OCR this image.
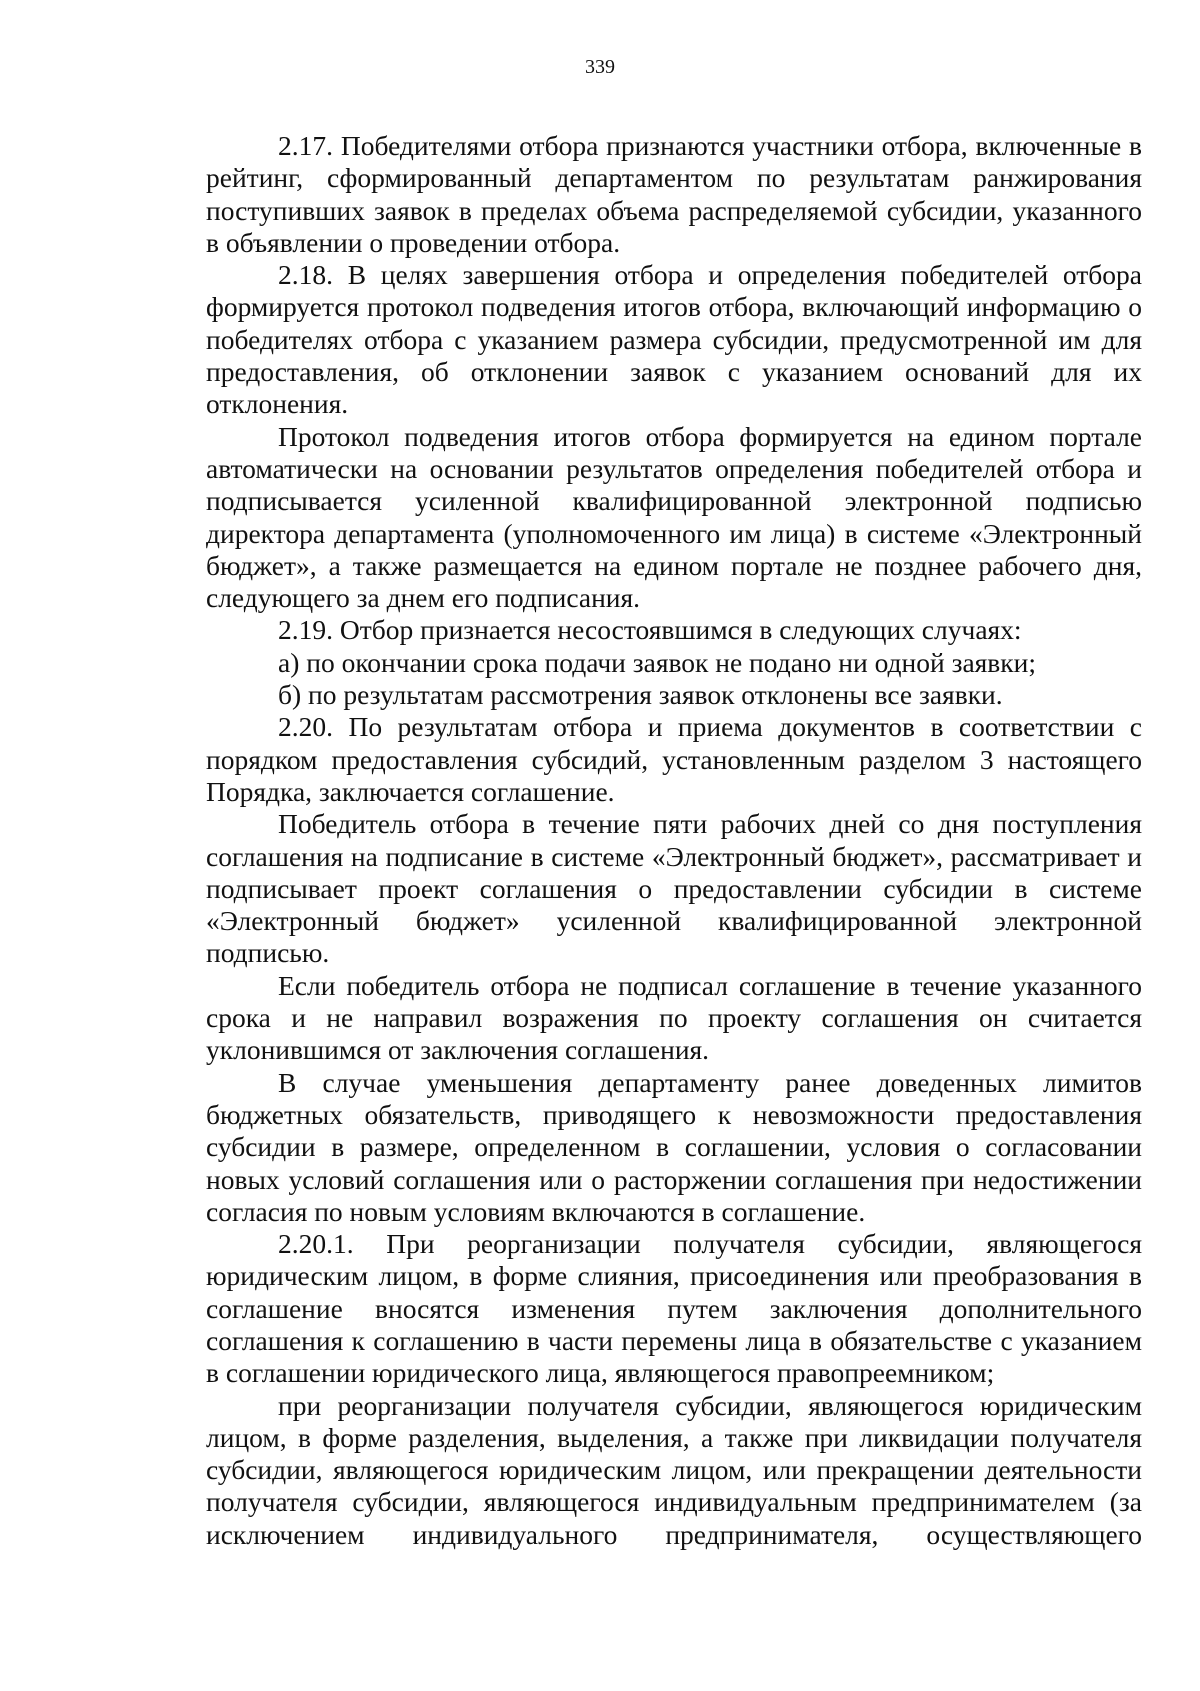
339

2.17. Победителями отбора признаются участники отбора, включенные в рейтинг, сформированный департаментом по результатам ранжирования поступивших заявок в пределах объема распределяемой субсидии, указанного в объявлении о проведении отбора.

2.18. В целях завершения отбора и определения победителей отбора формируется протокол подведения итогов отбора, включающий информацию о победителях отбора с указанием размера субсидии, предусмотренной им для предоставления, об отклонении заявок с указанием оснований для их отклонения.

Протокол подведения итогов отбора формируется на едином портале автоматически на основании результатов определения победителей отбора и подписывается усиленной квалифицированной электронной подписью директора департамента (уполномоченного им лица) в системе «Электронный бюджет», а также размещается на едином портале не позднее рабочего дня, следующего за днем его подписания.

2.19. Отбор признается несостоявшимся в следующих случаях:

а) по окончании срока подачи заявок не подано ни одной заявки;

б) по результатам рассмотрения заявок отклонены все заявки.

2.20. По результатам отбора и приема документов в соответствии с порядком предоставления субсидий, установленным разделом 3 настоящего Порядка, заключается соглашение.

Победитель отбора в течение пяти рабочих дней со дня поступления соглашения на подписание в системе «Электронный бюджет», рассматривает и подписывает проект соглашения о предоставлении субсидии в системе «Электронный бюджет» усиленной квалифицированной электронной подписью.

Если победитель отбора не подписал соглашение в течение указанного срока и не направил возражения по проекту соглашения он считается уклонившимся от заключения соглашения.

В случае уменьшения департаменту ранее доведенных лимитов бюджетных обязательств, приводящего к невозможности предоставления субсидии в размере, определенном в соглашении, условия о согласовании новых условий соглашения или о расторжении соглашения при недостижении согласия по новым условиям включаются в соглашение.

2.20.1. При реорганизации получателя субсидии, являющегося юридическим лицом, в форме слияния, присоединения или преобразования в соглашение вносятся изменения путем заключения дополнительного соглашения к соглашению в части перемены лица в обязательстве с указанием в соглашении юридического лица, являющегося правопреемником;

при реорганизации получателя субсидии, являющегося юридическим лицом, в форме разделения, выделения, а также при ликвидации получателя субсидии, являющегося юридическим лицом, или прекращении деятельности получателя субсидии, являющегося индивидуальным предпринимателем (за исключением индивидуального предпринимателя, осуществляющего
